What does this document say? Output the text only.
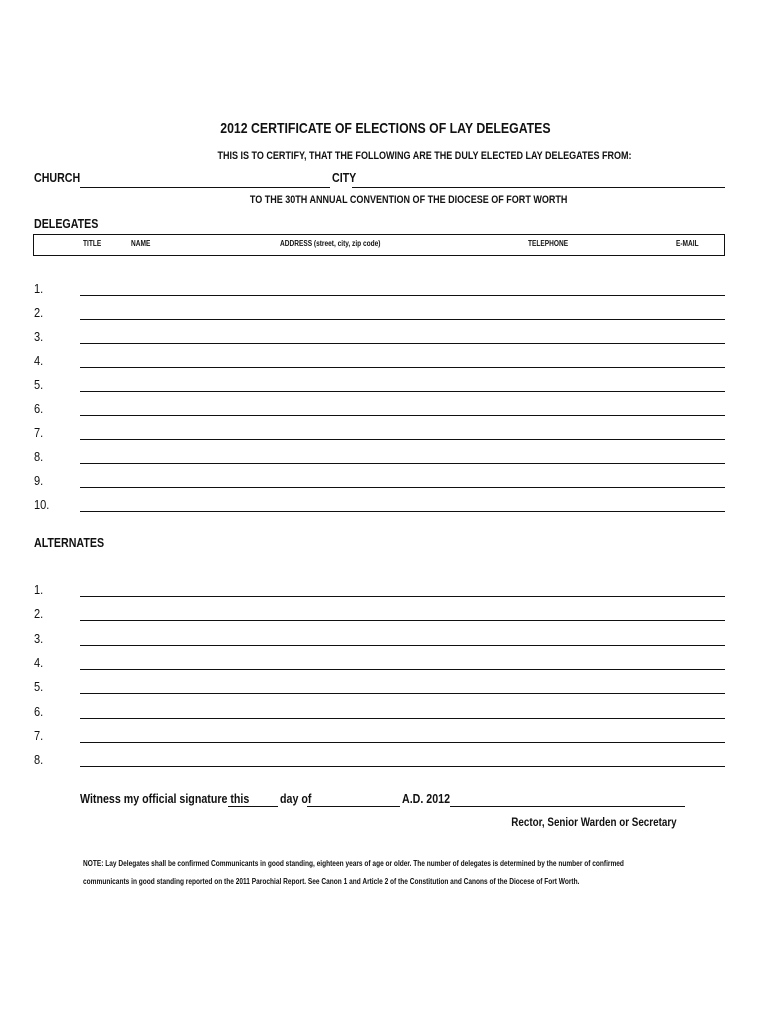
2012 CERTIFICATE OF ELECTIONS OF LAY DELEGATES
THIS IS TO CERTIFY, THAT THE FOLLOWING ARE THE DULY ELECTED LAY DELEGATES FROM:
CHURCH	CITY
TO THE 30TH ANNUAL CONVENTION OF THE DIOCESE OF FORT WORTH
DELEGATES
TITLE	NAME	ADDRESS (street, city, zip code)	TELEPHONE	E-MAIL
1.
2.
3.
4.
5.
6.
7.
8.
9.
10.
ALTERNATES
1.
2.
3.
4.
5.
6.
7.
8.
Witness my official signature this	day of	A.D. 2012
Rector, Senior Warden or Secretary
NOTE: Lay Delegates shall be confirmed Communicants in good standing, eighteen years of age or older. The number of delegates is determined by the number of confirmed
communicants in good standing reported on the 2011 Parochial Report. See Canon 1 and Article 2 of the Constitution and Canons of the Diocese of Fort Worth.
